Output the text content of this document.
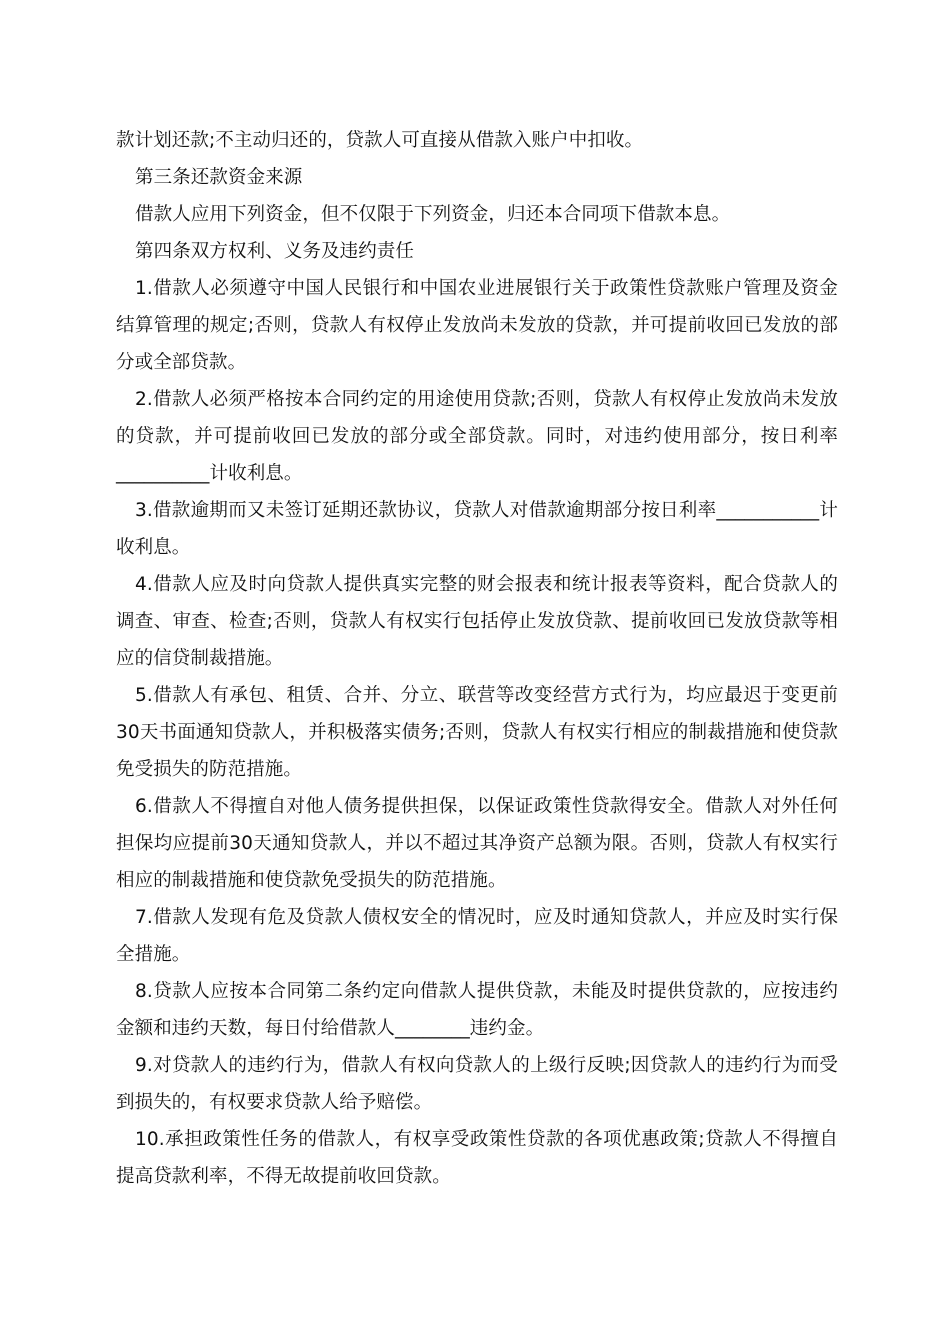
款计划还款;不主动归还的，贷款人可直接从借款入账户中扣收。

第三条还款资金来源

借款人应用下列资金，但不仅限于下列资金，归还本合同项下借款本息。

第四条双方权利、义务及违约责任

1.借款人必须遵守中国人民银行和中国农业进展银行关于政策性贷款账户管理及资金结算管理的规定;否则，贷款人有权停止发放尚未发放的贷款，并可提前收回已发放的部分或全部贷款。

2.借款人必须严格按本合同约定的用途使用贷款;否则，贷款人有权停止发放尚未发放的贷款，并可提前收回已发放的部分或全部贷款。同时，对违约使用部分，按日利率__________计收利息。

3.借款逾期而又未签订延期还款协议，贷款人对借款逾期部分按日利率___________计收利息。

4.借款人应及时向贷款人提供真实完整的财会报表和统计报表等资料，配合贷款人的调查、审查、检查;否则，贷款人有权实行包括停止发放贷款、提前收回已发放贷款等相应的信贷制裁措施。

5.借款人有承包、租赁、合并、分立、联营等改变经营方式行为，均应最迟于变更前30天书面通知贷款人，并积极落实债务;否则，贷款人有权实行相应的制裁措施和使贷款免受损失的防范措施。

6.借款人不得擅自对他人债务提供担保，以保证政策性贷款得安全。借款人对外任何担保均应提前30天通知贷款人，并以不超过其净资产总额为限。否则，贷款人有权实行相应的制裁措施和使贷款免受损失的防范措施。

7.借款人发现有危及贷款人债权安全的情况时，应及时通知贷款人，并应及时实行保全措施。

8.贷款人应按本合同第二条约定向借款人提供贷款，未能及时提供贷款的，应按违约金额和违约天数，每日付给借款人________违约金。

9.对贷款人的违约行为，借款人有权向贷款人的上级行反映;因贷款人的违约行为而受到损失的，有权要求贷款人给予赔偿。

10.承担政策性任务的借款人，有权享受政策性贷款的各项优惠政策;贷款人不得擅自提高贷款利率，不得无故提前收回贷款。
